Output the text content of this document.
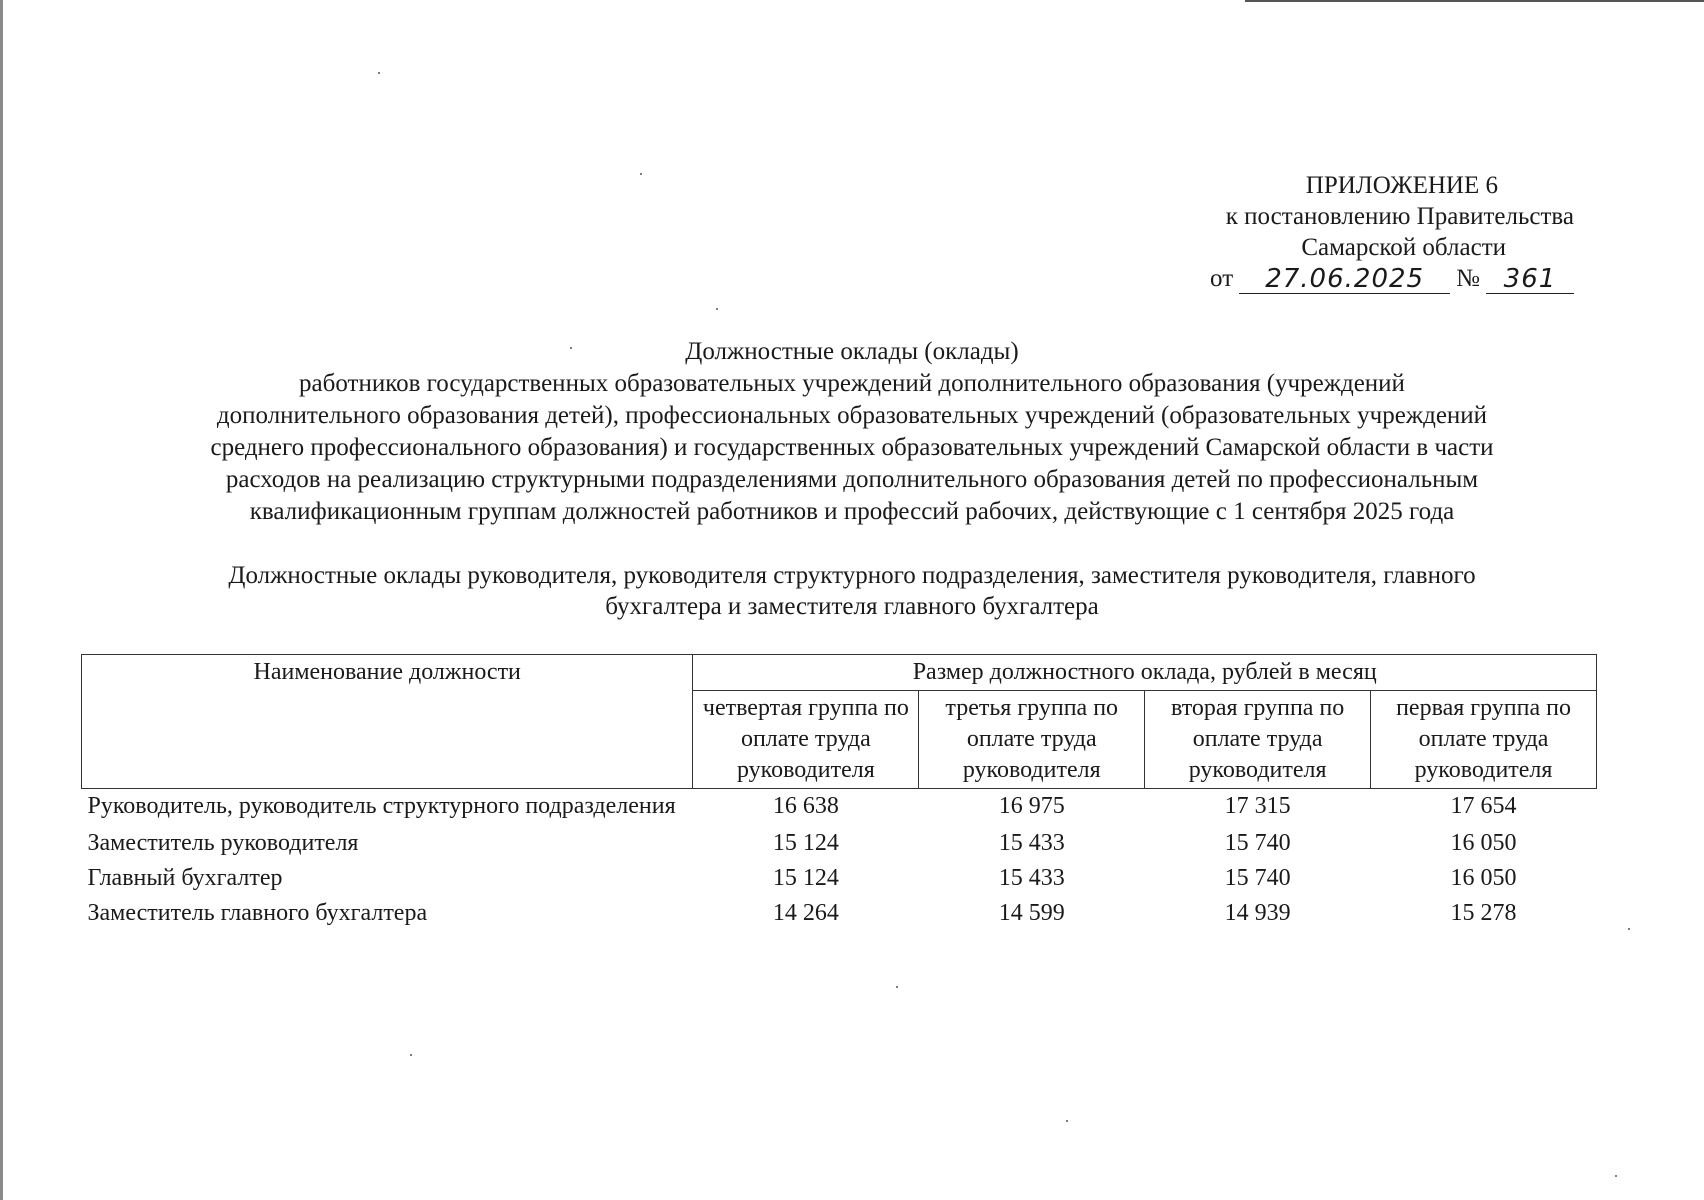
ПРИЛОЖЕНИЕ 6
к постановлению Правительства
Самарской области
от	27.06.2025	№ 361
Должностные оклады (оклады)
работников государственных образовательных учреждений дополнительного образования (учреждений
дополнительного образования детей), профессиональных образовательных учреждений (образовательных учреждений
среднего профессионального образования) и государственных образовательных учреждений Самарской области в части
расходов на реализацию структурными подразделениями дополнительного образования детей по профессиональным
квалификационным группам должностей работников и профессий рабочих, действующие с 1 сентября 2025 года
Должностные оклады руководителя, руководителя структурного подразделения, заместителя руководителя, главного
бухгалтера и заместителя главного бухгалтера
Наименование должности	Размер должностного оклада, рублей в месяц			
	четвертая группа по оплате труда руководителя	третья группа по оплате труда руководителя	вторая группа по оплате труда руководителя	первая группа по оплате труда руководителя
Руководитель, руководитель структурного подразделения	16 638	16 975	17 315	17 654
Заместитель руководителя	15 124	15 433	15 740	16 050
Главный бухгалтер	15 124	15 433	15 740	16 050
Заместитель главного бухгалтера	14 264	14 599	14 939	15 278
